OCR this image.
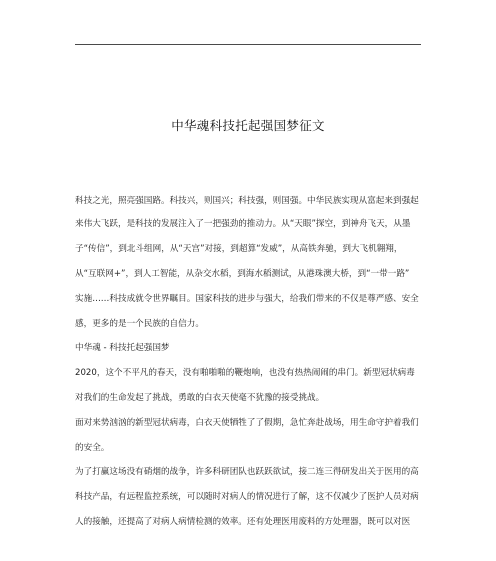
中华魂科技托起强国梦征文
科技之光，照亮强国路。科技兴，则国兴；科技强，则国强。中华民族实现从富起来到强起
来伟大飞跃，是科技的发展注入了一把强劲的推动力。从“天眼”探空，到神舟飞天，从墨
子“传信”，到北斗组网，从“天宫”对接，到超算“发威”，从高铁奔驰，到大飞机翱翔，
从“互联网+”，到人工智能，从杂交水稻，到海水稻测试，从港珠澳大桥，到“一带一路”
实施……科技成就令世界瞩目。国家科技的进步与强大，给我们带来的不仅是尊严感、安全
感，更多的是一个民族的自信力。
中华魂 - 科技托起强国梦
2020，这个不平凡的春天，没有啪啪啪的鞭炮响，也没有热热闹闹的串门。新型冠状病毒
对我们的生命发起了挑战，勇敢的白衣天使毫不犹豫的接受挑战。
面对来势汹汹的新型冠状病毒，白衣天使牺牲了了假期，急忙奔赴战场，用生命守护着我们
的安全。
为了打赢这场没有硝烟的战争，许多科研团队也跃跃欲试，接二连三得研发出关于医用的高
科技产品，有远程监控系统，可以随时对病人的情况进行了解，这不仅减少了医护人员对病
人的接触，还提高了对病人病情检测的效率。还有处理医用废料的方处理器，既可以对医
